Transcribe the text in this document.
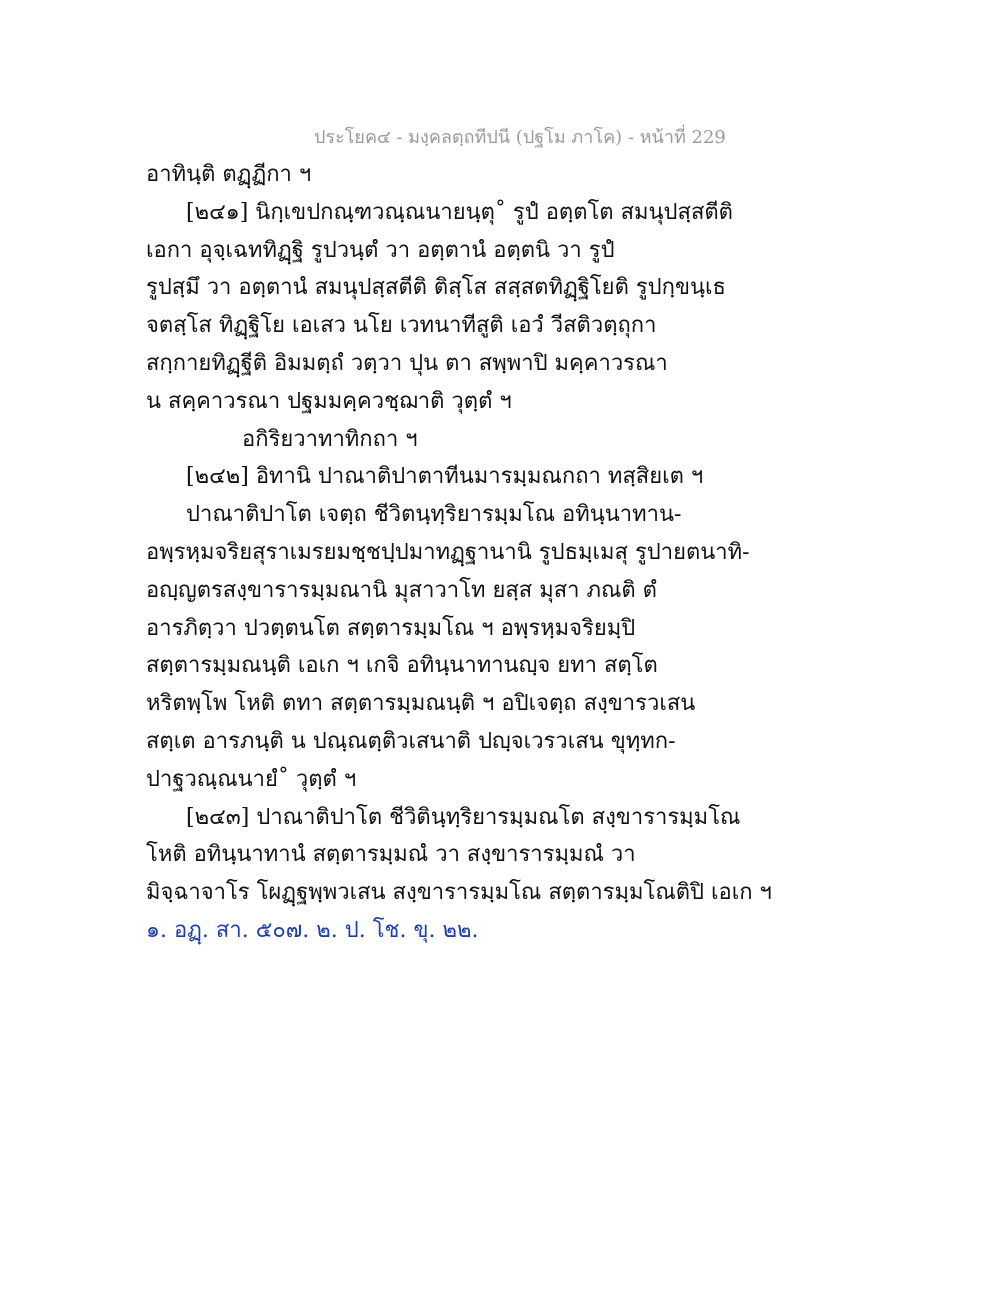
ประโยค๔ - มงฺคลตฺถทีปนี (ปฐโม ภาโค) - หน้าที่ 229
อาทินฺติ ตฏฺฏีกา ฯ
[๒๔๑] นิกฺเขปกณฺฑวณฺณนายนฺตุ˚ รูปํ อตฺตโต สมนุปสฺสตีติ
เอกา อุจฺเฉททิฏฺฐิ รูปวนฺตํ วา อตฺตานํ อตฺตนิ วา รูปํ
รูปสฺมึ วา อตฺตานํ สมนุปสฺสตีติ ติสฺโส สสฺสตทิฏฺฐิโยติ รูปกฺขนฺเธ
จตสฺโส ทิฏฺฐิโย เอเสว นโย เวทนาทีสูติ เอวํ วีสติวตฺถุกา
สกฺกายทิฏฺฐีติ อิมมตฺถํ วตฺวา ปุน ตา สพฺพาปิ มคฺคาวรณา
น สคฺคาวรณา ปฐมมคฺควชฺฌาติ วุตฺตํ ฯ
อกิริยวาทาทิกถา ฯ
[๒๔๒] อิทานิ ปาณาติปาตาทีนมารมฺมณกถา ทสฺสิยเต ฯ
ปาณาติปาโต เจตฺถ ชีวิตนฺทฺริยารมฺมโณ อทินฺนาทาน-
อพฺรหฺมจริยสุราเมรยมชฺชปฺปมาทฏฺฐานานิ รูปธมฺเมสุ รูปายตนาทิ-
อญฺญตรสงฺขารารมฺมณานิ มุสาวาโท ยสฺส มุสา ภณติ ตํ
อารภิตฺวา ปวตฺตนโต สตฺตารมฺมโณ ฯ อพฺรหฺมจริยมฺปิ
สตฺตารมฺมณนฺติ เอเก ฯ เกจิ อทินฺนาทานญฺจ ยทา สตฺโต
หริตพฺโพ โหติ ตทา สตฺตารมฺมณนฺติ ฯ อปิเจตฺถ สงฺขารวเสน
สตฺเต อารภนฺติ น ปณฺณตฺติวเสนาติ ปญฺจเวรวเสน ขุทฺทก-
ปาฐวณฺณนายํ˚ วุตฺตํ ฯ
[๒๔๓] ปาณาติปาโต ชีวิตินฺทฺริยารมฺมณโต สงฺขารารมฺมโณ
โหติ อทินฺนาทานํ สตฺตารมฺมณํ วา สงฺขารารมฺมณํ วา
มิจฺฉาจาโร โผฏฺฐพฺพวเสน สงฺขารารมฺมโณ สตฺตารมฺมโณติปิ เอเก ฯ
๑. อฏฺ. สา. ๕๐๗. ๒. ป. โช. ขุ. ๒๒.
